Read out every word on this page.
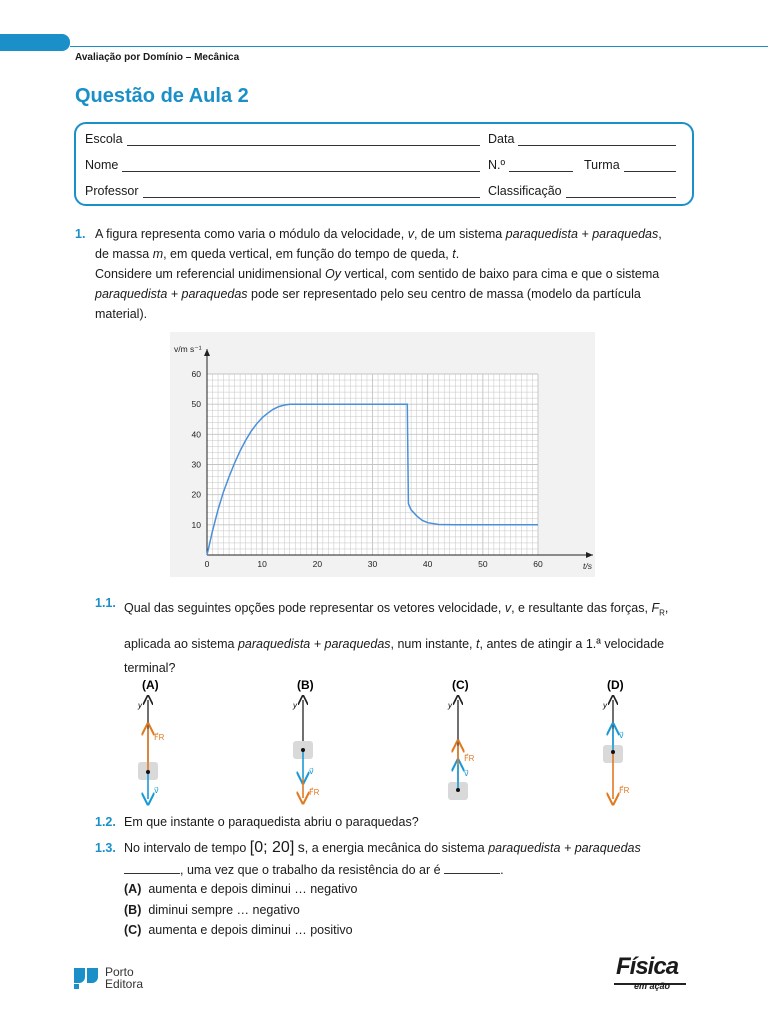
Avaliação por Domínio – Mecânica
Questão de Aula 2
Escola	Data
Nome	N.º	Turma
Professor	Classificação
1. A figura representa como varia o módulo da velocidade, v, de um sistema paraquedista + paraquedas,
de massa m, em queda vertical, em função do tempo de queda, t.
Considere um referencial unidimensional Oy vertical, com sentido de baixo para cima e que o sistema
paraquedista + paraquedas pode ser representado pelo seu centro de massa (modelo da partícula
material).
0	10	20	30	40	50	60
10
20
30
40
50
60
t/s
v/m s⁻¹
1.1. Qual das seguintes opções pode representar os vetores velocidade, v, e resultante das forças, $F_R$,
aplicada ao sistema paraquedista + paraquedas, num instante, t, antes de atingir a 1.ª velocidade
terminal?
(A)
y
F⃗R
v⃗
(B)
y
v⃗
F⃗R
(C)
y
F⃗R
v⃗
(D)
y
v⃗
F⃗R
1.2. Em que instante o paraquedista abriu o paraquedas?
1.3. No intervalo de tempo [0; 20] s, a energia mecânica do sistema paraquedista + paraquedas
, uma vez que o trabalho da resistência do ar é	.
(A) aumenta e depois diminui … negativo
(B) diminui sempre … negativo
(C) aumenta e depois diminui … positivo
Porto
Editora
Física
em ação
